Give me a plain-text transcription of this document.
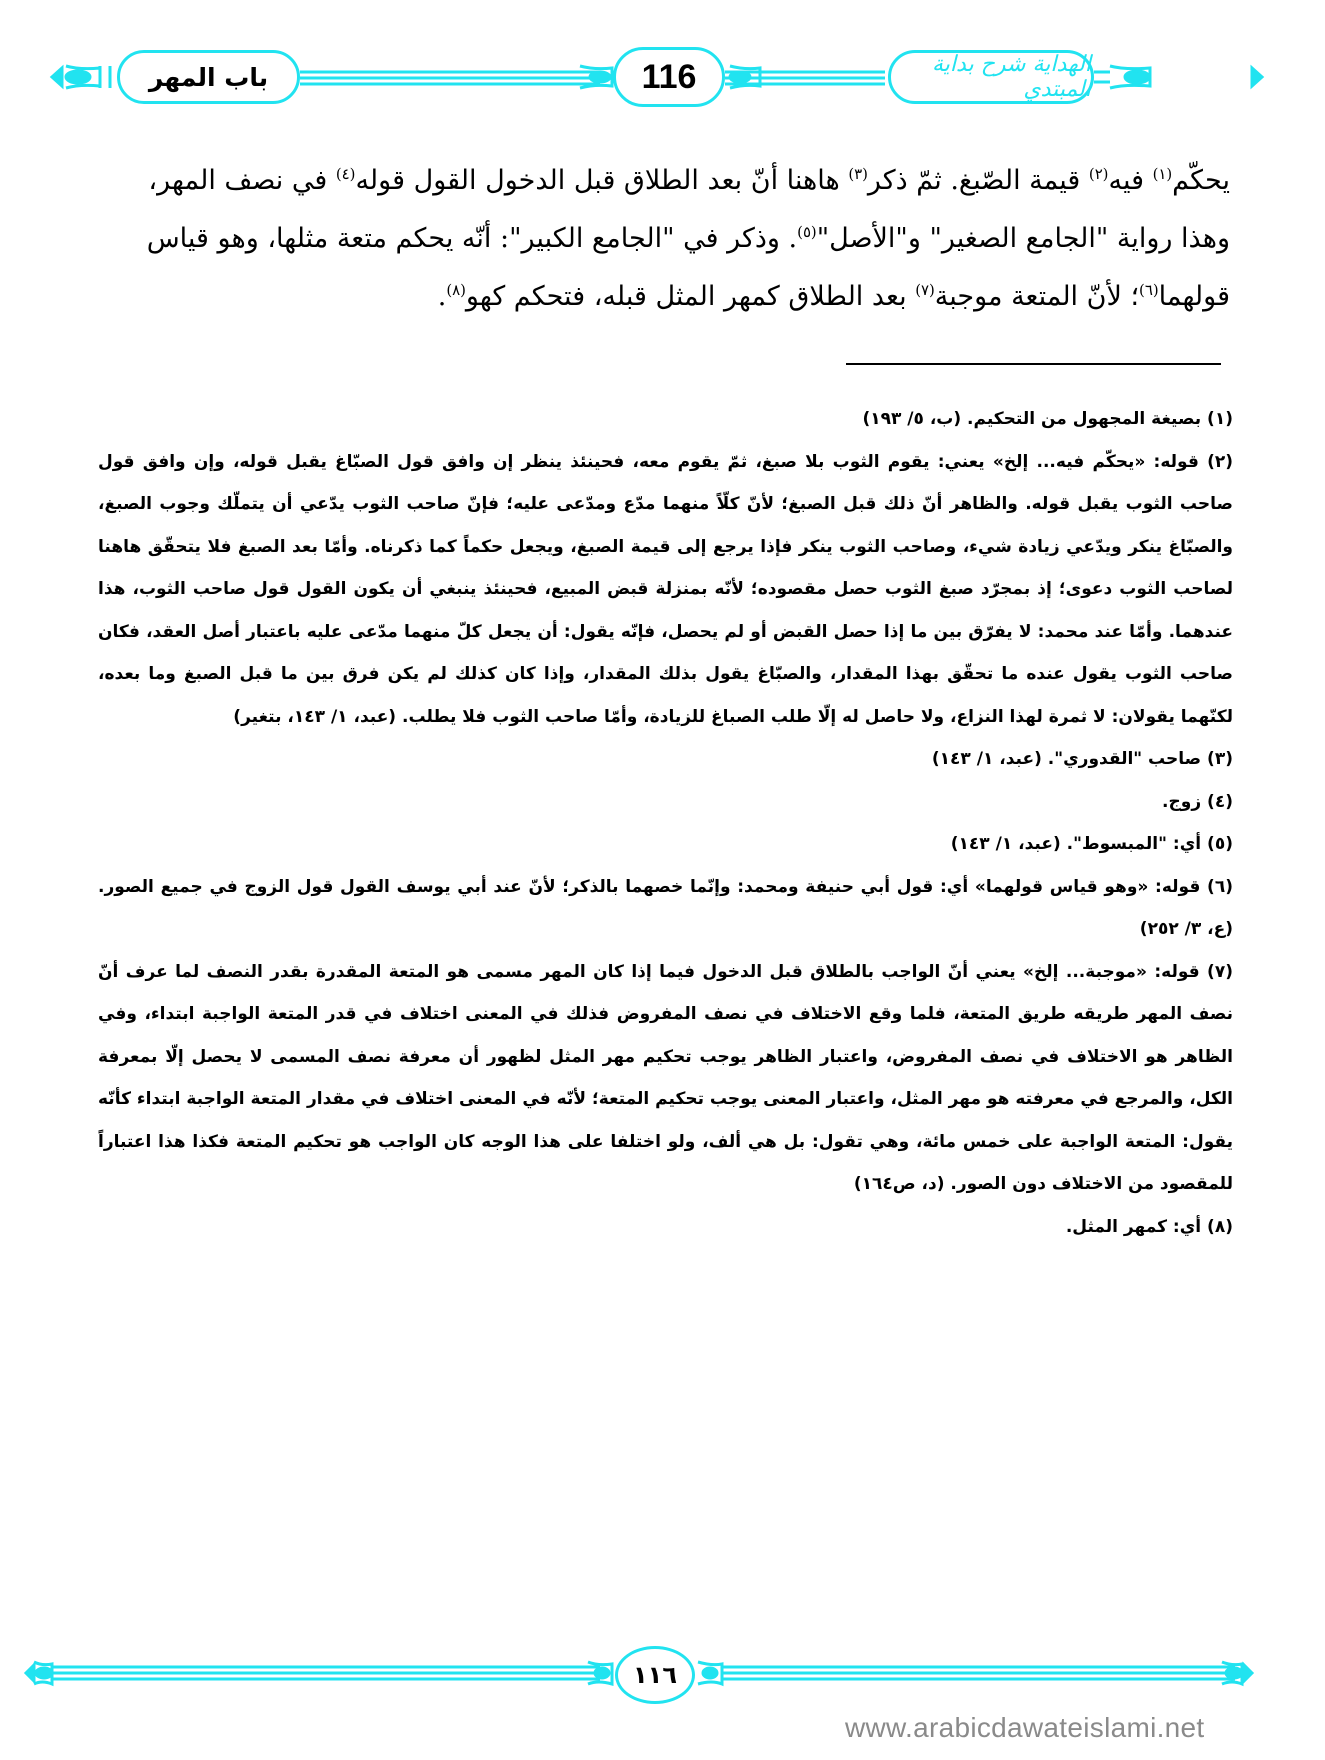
باب المهر	116	الهداية شرح بداية المبتدي

يحكّم$^{(١)}$ فيه$^{(٢)}$ قيمة الصّبغ. ثمّ ذكر$^{(٣)}$ هاهنا أنّ بعد الطلاق قبل الدخول القول قوله$^{(٤)}$ في نصف المهر،

وهذا رواية "الجامع الصغير" و"الأصل"$^{(٥)}$. وذكر في "الجامع الكبير": أنّه يحكم متعة مثلها، وهو قياس

قولهما$^{(٦)}$؛ لأنّ المتعة موجبة$^{(٧)}$ بعد الطلاق كمهر المثل قبله، فتحكم كهو$^{(٨)}$.

(١) بصيغة المجهول من التحكيم. (ب، ٥/ ١٩٣)

(٢) قوله: «يحكّم فيه... إلخ» يعني: يقوم الثوب بلا صبغ، ثمّ يقوم معه، فحينئذ ينظر إن وافق قول الصبّاغ يقبل قوله، وإن وافق قول صاحب الثوب يقبل قوله. والظاهر أنّ ذلك قبل الصبغ؛ لأنّ كلّاً منهما مدّع ومدّعى عليه؛ فإنّ صاحب الثوب يدّعي أن يتملّك وجوب الصبغ، والصبّاغ ينكر ويدّعي زيادة شيء، وصاحب الثوب ينكر فإذا يرجع إلى قيمة الصبغ، ويجعل حكماً كما ذكرناه. وأمّا بعد الصبغ فلا يتحقّق هاهنا لصاحب الثوب دعوى؛ إذ بمجرّد صبغ الثوب حصل مقصوده؛ لأنّه بمنزلة قبض المبيع، فحينئذ ينبغي أن يكون القول قول صاحب الثوب، هذا عندهما. وأمّا عند محمد: لا يفرّق بين ما إذا حصل القبض أو لم يحصل، فإنّه يقول: أن يجعل كلّ منهما مدّعى عليه باعتبار أصل العقد، فكان صاحب الثوب يقول عنده ما تحقّق بهذا المقدار، والصبّاغ يقول بذلك المقدار، وإذا كان كذلك لم يكن فرق بين ما قبل الصبغ وما بعده، لكنّهما يقولان: لا ثمرة لهذا النزاع، ولا حاصل له إلّا طلب الصباغ للزيادة، وأمّا صاحب الثوب فلا يطلب. (عبد، ١/ ١٤٣، بتغير)

(٣) صاحب "القدوري". (عبد، ١/ ١٤٣)

(٤) زوج.

(٥) أي: "المبسوط". (عبد، ١/ ١٤٣)

(٦) قوله: «وهو قياس قولهما» أي: قول أبي حنيفة ومحمد: وإنّما خصهما بالذكر؛ لأنّ عند أبي يوسف القول قول الزوج في جميع الصور. (ع، ٣/ ٢٥٢)

(٧) قوله: «موجبة... إلخ» يعني أنّ الواجب بالطلاق قبل الدخول فيما إذا كان المهر مسمى هو المتعة المقدرة بقدر النصف لما عرف أنّ نصف المهر طريقه طريق المتعة، فلما وقع الاختلاف في نصف المفروض فذلك في المعنى اختلاف في قدر المتعة الواجبة ابتداء، وفي الظاهر هو الاختلاف في نصف المفروض، واعتبار الظاهر يوجب تحكيم مهر المثل لظهور أن معرفة نصف المسمى لا يحصل إلّا بمعرفة الكل، والمرجع في معرفته هو مهر المثل، واعتبار المعنى يوجب تحكيم المتعة؛ لأنّه في المعنى اختلاف في مقدار المتعة الواجبة ابتداء كأنّه يقول: المتعة الواجبة على خمس مائة، وهي تقول: بل هي ألف، ولو اختلفا على هذا الوجه كان الواجب هو تحكيم المتعة فكذا هذا اعتباراً للمقصود من الاختلاف دون الصور. (د، ص١٦٤)

(٨) أي: كمهر المثل.

١١٦
www.arabicdawateislami.net
